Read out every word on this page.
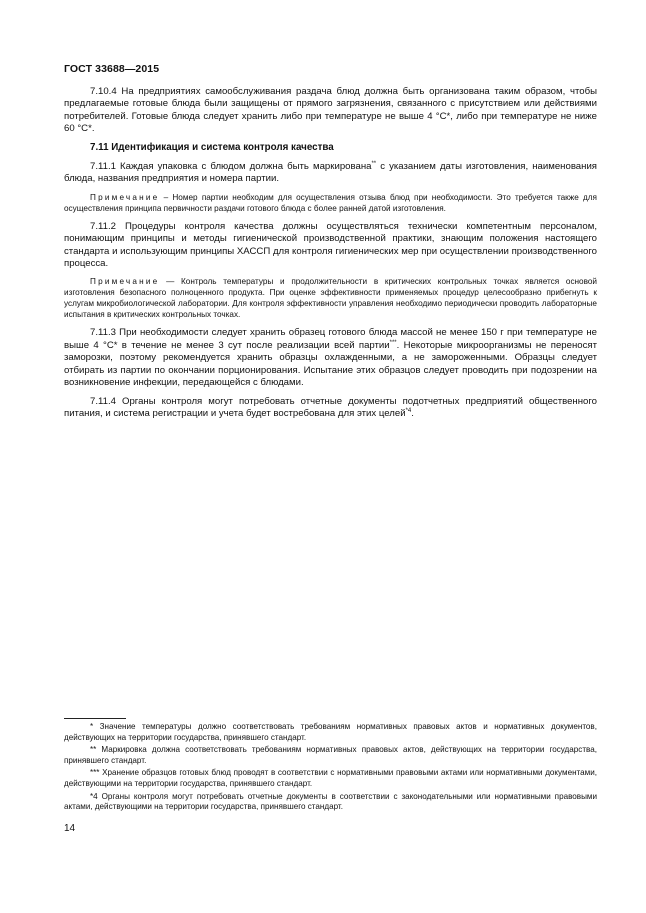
ГОСТ 33688—2015

7.10.4 На предприятиях самообслуживания раздача блюд должна быть организована таким образом, чтобы предлагаемые готовые блюда были защищены от прямого загрязнения, связанного с присутствием или действиями потребителей. Готовые блюда следует хранить либо при температуре не выше 4 °C*, либо при температуре не ниже 60 °C*.

7.11 Идентификация и система контроля качества

7.11.1 Каждая упаковка с блюдом должна быть маркирована** с указанием даты изготовления, наименования блюда, названия предприятия и номера партии.

Примечание – Номер партии необходим для осуществления отзыва блюд при необходимости. Это требуется также для осуществления принципа первичности раздачи готового блюда с более ранней датой изготовления.

7.11.2 Процедуры контроля качества должны осуществляться технически компетентным персоналом, понимающим принципы и методы гигиенической производственной практики, знающим положения настоящего стандарта и использующим принципы ХАССП для контроля гигиенических мер при осуществлении производственного процесса.

Примечание — Контроль температуры и продолжительности в критических контрольных точках является основой изготовления безопасного полноценного продукта. При оценке эффективности применяемых процедур целесообразно прибегнуть к услугам микробиологической лаборатории. Для контроля эффективности управления необходимо периодически проводить лабораторные испытания в критических контрольных точках.

7.11.3 При необходимости следует хранить образец готового блюда массой не менее 150 г при температуре не выше 4 °C* в течение не менее 3 сут после реализации всей партии***. Некоторые микроорганизмы не переносят заморозки, поэтому рекомендуется хранить образцы охлажденными, а не замороженными. Образцы следует отбирать из партии по окончании порционирования. Испытание этих образцов следует проводить при подозрении на возникновение инфекции, передающейся с блюдами.

7.11.4 Органы контроля могут потребовать отчетные документы подотчетных предприятий общественного питания, и система регистрации и учета будет востребована для этих целей$^{*4}$.

* Значение температуры должно соответствовать требованиям нормативных правовых актов и нормативных документов, действующих на территории государства, принявшего стандарт.

** Маркировка должна соответствовать требованиям нормативных правовых актов, действующих на территории государства, принявшего стандарт.

*** Хранение образцов готовых блюд проводят в соответствии с нормативными правовыми актами или нормативными документами, действующими на территории государства, принявшего стандарт.

*4 Органы контроля могут потребовать отчетные документы в соответствии с законодательными или нормативными правовыми актами, действующими на территории государства, принявшего стандарт.

14
